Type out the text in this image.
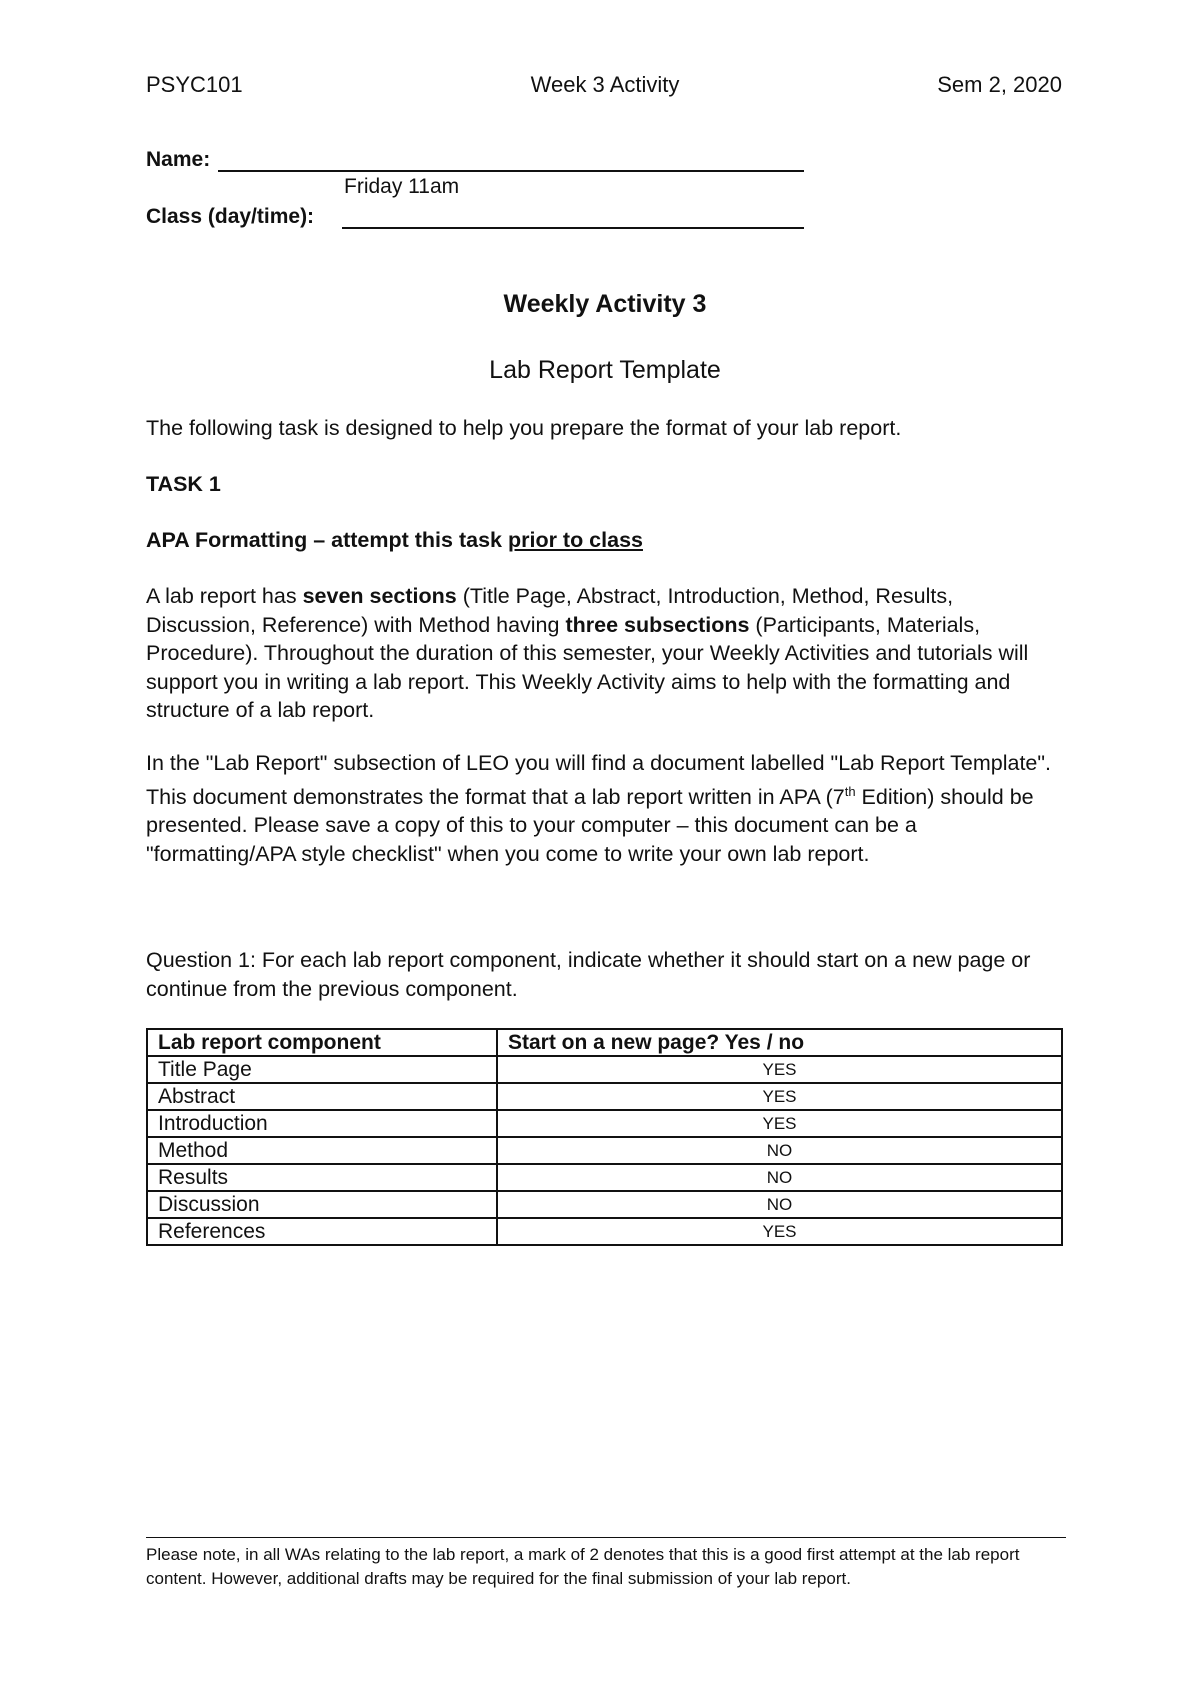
PSYC101	Week 3 Activity	Sem 2, 2020
Name:
Friday 11am
Class (day/time):
Weekly Activity 3
Lab Report Template
The following task is designed to help you prepare the format of your lab report.
TASK 1
APA Formatting – attempt this task prior to class
A lab report has seven sections (Title Page, Abstract, Introduction, Method, Results, Discussion, Reference) with Method having three subsections (Participants, Materials, Procedure). Throughout the duration of this semester, your Weekly Activities and tutorials will support you in writing a lab report. This Weekly Activity aims to help with the formatting and structure of a lab report.
In the "Lab Report" subsection of LEO you will find a document labelled "Lab Report Template". This document demonstrates the format that a lab report written in APA (7th Edition) should be presented. Please save a copy of this to your computer – this document can be a "formatting/APA style checklist" when you come to write your own lab report.
Question 1: For each lab report component, indicate whether it should start on a new page or continue from the previous component.
Lab report component	Start on a new page? Yes / no
Title Page	YES
Abstract	YES
Introduction	YES
Method	NO
Results	NO
Discussion	NO
References	YES
Please note, in all WAs relating to the lab report, a mark of 2 denotes that this is a good first attempt at the lab report content. However, additional drafts may be required for the final submission of your lab report.
